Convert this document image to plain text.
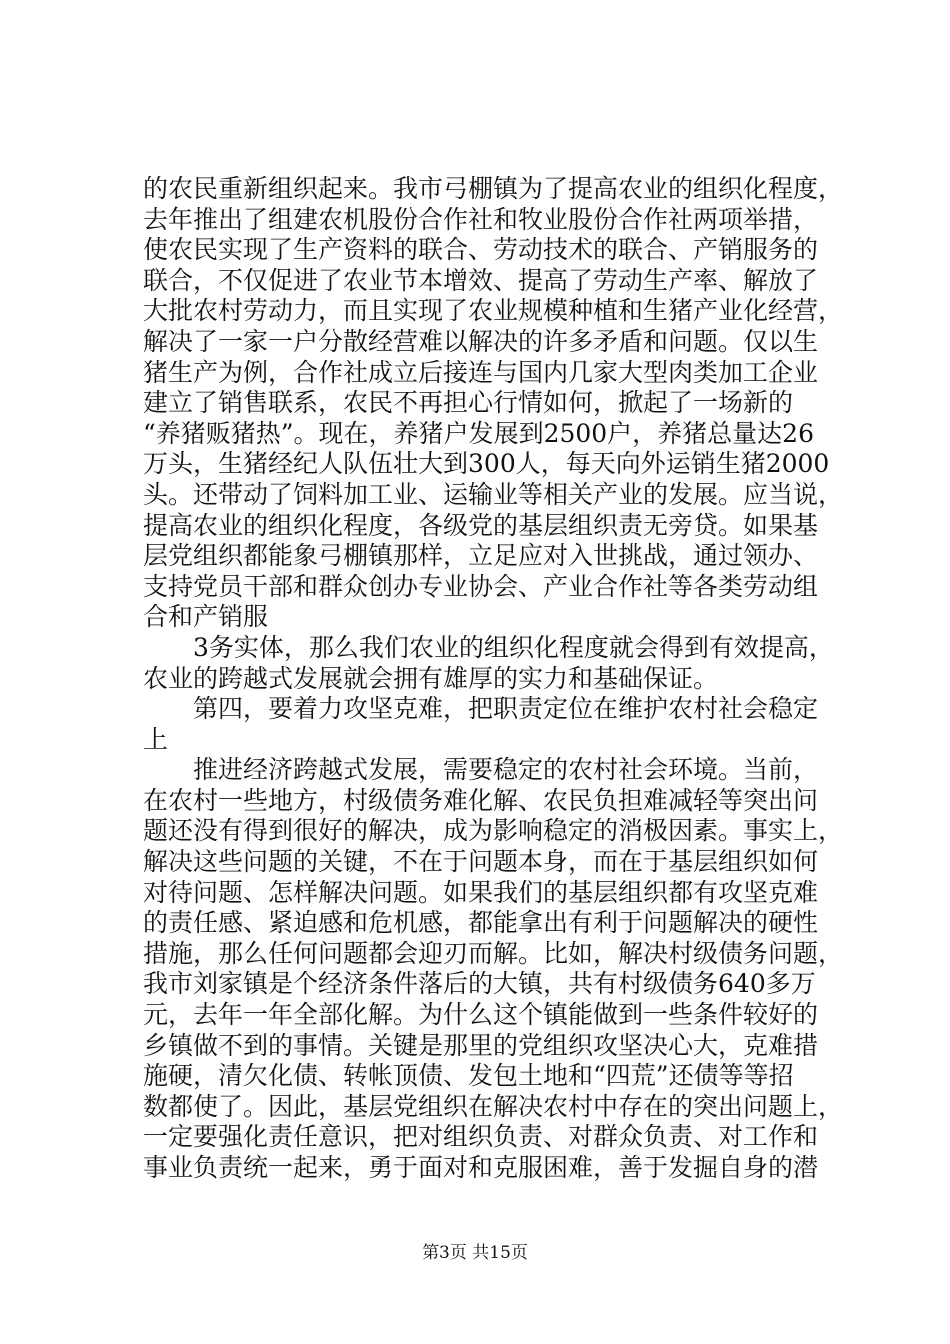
的农民重新组织起来。我市弓棚镇为了提高农业的组织化程度，

去年推出了组建农机股份合作社和牧业股份合作社两项举措，

使农民实现了生产资料的联合、劳动技术的联合、产销服务的

联合，不仅促进了农业节本增效、提高了劳动生产率、解放了

大批农村劳动力，而且实现了农业规模种植和生猪产业化经营，

解决了一家一户分散经营难以解决的许多矛盾和问题。仅以生

猪生产为例，合作社成立后接连与国内几家大型肉类加工企业

建立了销售联系，农民不再担心行情如何，掀起了一场新的

“养猪贩猪热”。现在，养猪户发展到2500户，养猪总量达26

万头，生猪经纪人队伍壮大到300人，每天向外运销生猪2000

头。还带动了饲料加工业、运输业等相关产业的发展。应当说，

提高农业的组织化程度，各级党的基层组织责无旁贷。如果基

层党组织都能象弓棚镇那样，立足应对入世挑战，通过领办、

支持党员干部和群众创办专业协会、产业合作社等各类劳动组

合和产销服

3务实体，那么我们农业的组织化程度就会得到有效提高，

农业的跨越式发展就会拥有雄厚的实力和基础保证。

第四，要着力攻坚克难，把职责定位在维护农村社会稳定

上

推进经济跨越式发展，需要稳定的农村社会环境。当前，

在农村一些地方，村级债务难化解、农民负担难减轻等突出问

题还没有得到很好的解决，成为影响稳定的消极因素。事实上，

解决这些问题的关键，不在于问题本身，而在于基层组织如何

对待问题、怎样解决问题。如果我们的基层组织都有攻坚克难

的责任感、紧迫感和危机感，都能拿出有利于问题解决的硬性

措施，那么任何问题都会迎刃而解。比如，解决村级债务问题，

我市刘家镇是个经济条件落后的大镇，共有村级债务640多万

元，去年一年全部化解。为什么这个镇能做到一些条件较好的

乡镇做不到的事情。关键是那里的党组织攻坚决心大，克难措

施硬，清欠化债、转帐顶债、发包土地和“四荒”还债等等招

数都使了。因此，基层党组织在解决农村中存在的突出问题上，

一定要强化责任意识，把对组织负责、对群众负责、对工作和

事业负责统一起来，勇于面对和克服困难，善于发掘自身的潜

第3页 共15页
